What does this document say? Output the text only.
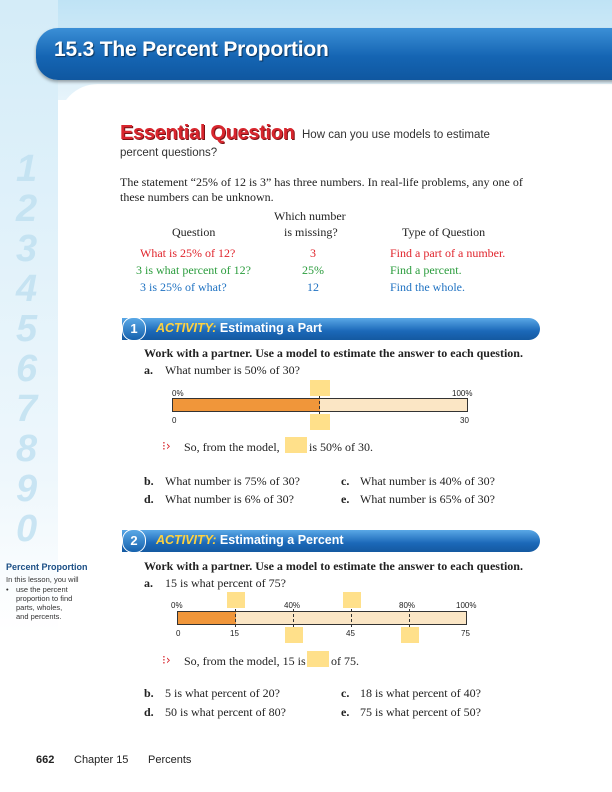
1
2
3
4
5
6
7
8
9
0
15.3 The Percent Proportion
Essential Question How can you use models to estimate
percent questions?
The statement “25% of 12 is 3” has three numbers. In real-life problems, any one of
these numbers can be unknown.
Which number
Question	is missing?	Type of Question
What is 25% of 12?	3	Find a part of a number.
3 is what percent of 12?	25%	Find a percent.
3 is 25% of what?	12	Find the whole.
1	ACTIVITY: Estimating a Part
Work with a partner. Use a model to estimate the answer to each question.
a. What number is 50% of 30?
0%	100%
0	30
⁝› So, from the model, is 50% of 30.
b. What number is 75% of 30?	c. What number is 40% of 30?
d. What number is 6% of 30?	e. What number is 65% of 30?
2	ACTIVITY: Estimating a Percent
Work with a partner. Use a model to estimate the answer to each question.
a. 15 is what percent of 75?
0%	40%	80%	100%
0	15	45	75
⁝› So, from the model, 15 is of 75.
b. 5 is what percent of 20?	c. 18 is what percent of 40?
d. 50 is what percent of 80?	e. 75 is what percent of 50?
Percent Proportion
In this lesson, you will
• use the percent
proportion to find
parts, wholes,
and percents.
662 Chapter 15 Percents
